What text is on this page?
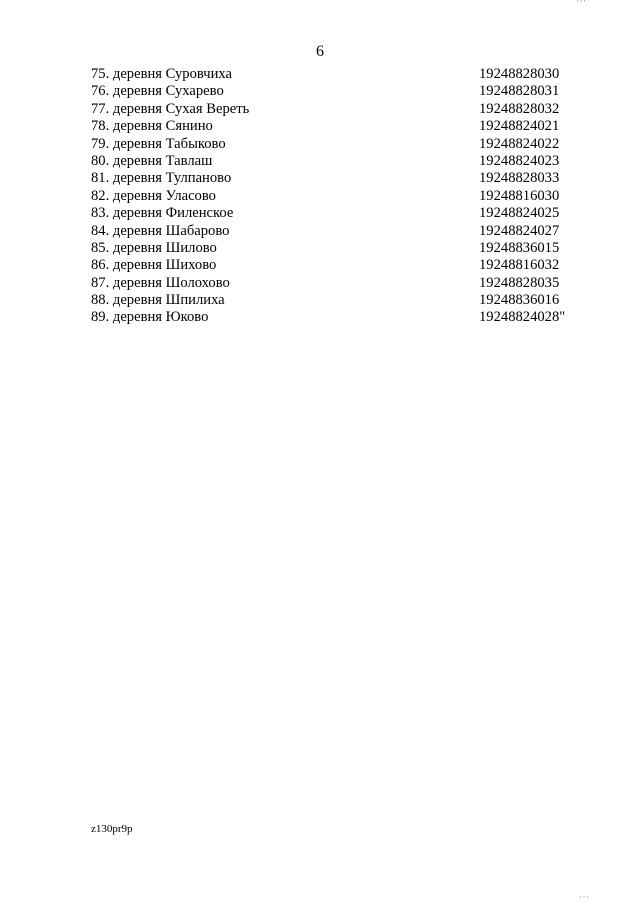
' ' '
6
75. деревня Суровчиха	19248828030
76. деревня Сухарево	19248828031
77. деревня Сухая Вереть	19248828032
78. деревня Сянино	19248824021
79. деревня Табыково	19248824022
80. деревня Тавлаш	19248824023
81. деревня Тулпаново	19248828033
82. деревня Уласово	19248816030
83. деревня Филенское	19248824025
84. деревня Шабарово	19248824027
85. деревня Шилово	19248836015
86. деревня Шихово	19248816032
87. деревня Шолохово	19248828035
88. деревня Шпилиха	19248836016
89. деревня Юково	19248824028"
z130pr9p
' ' '
